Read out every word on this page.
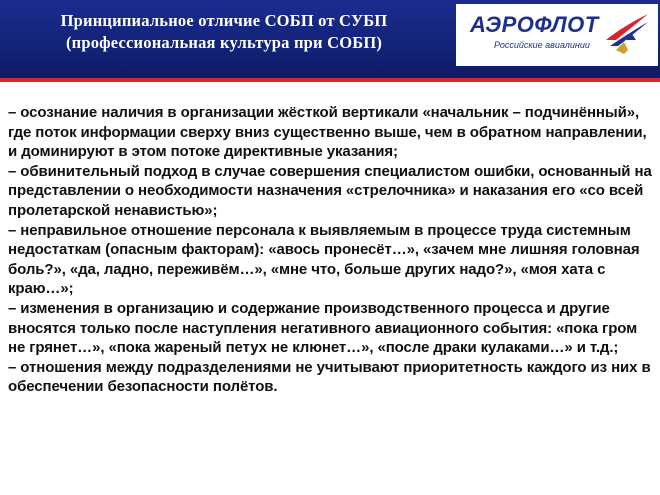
Принципиальное отличие СОБП от СУБП
(профессиональная культура при СОБП)
АЭРОФЛОТ
Российские авиалинии

– осознание наличия в организации жёсткой вертикали «начальник – подчинённый», где поток информации сверху вниз существенно выше, чем в обратном направлении, и доминируют в этом потоке директивные указания;

– обвинительный подход в случае совершения специалистом ошибки, основанный на представлении о необходимости назначения «стрелочника» и наказания его «со всей пролетарской ненавистью»;

– неправильное отношение персонала к выявляемым в процессе труда системным недостаткам (опасным факторам): «авось пронесёт…», «зачем мне лишняя головная боль?», «да, ладно, переживём…», «мне что, больше других надо?», «моя хата с краю…»;

– изменения в организацию и содержание производственного процесса и другие вносятся только после наступления негативного авиационного события: «пока гром не грянет…», «пока жареный петух не клюнет…», «после драки кулаками…» и т.д.;

– отношения между подразделениями не учитывают приоритетность каждого из них в обеспечении безопасности полётов.
